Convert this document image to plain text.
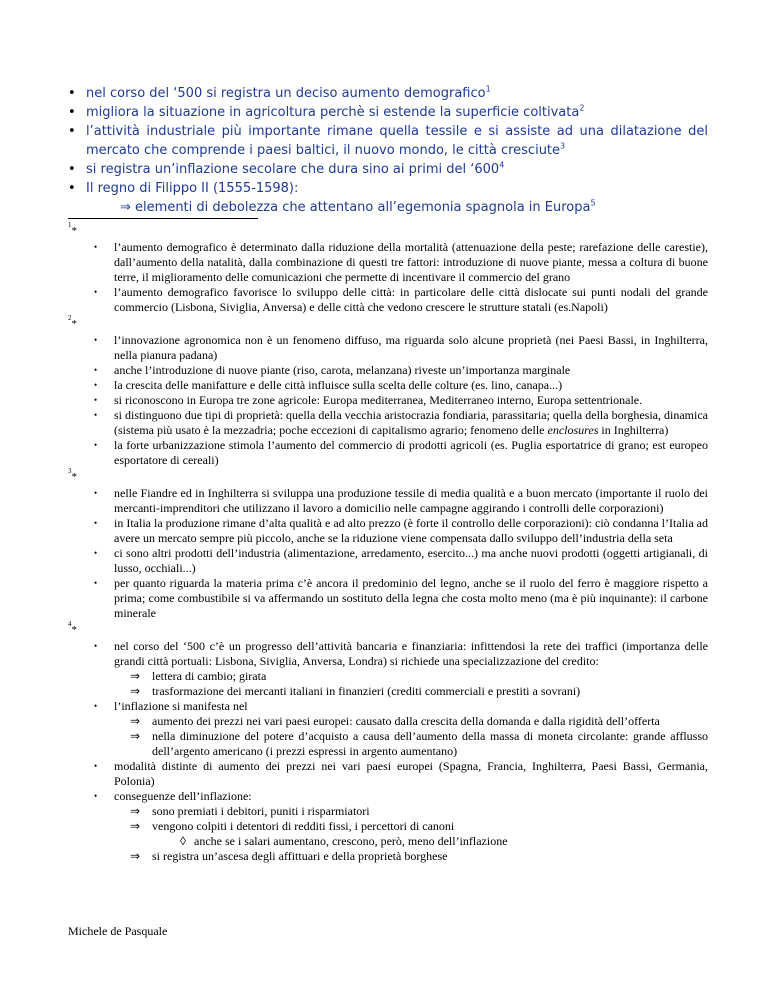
• nel corso del ‘500 si registra un deciso aumento demografico$^1$
• migliora la situazione in agricoltura perchè si estende la superficie coltivata$^2$
• l’attività industriale più importante rimane quella tessile e si assiste ad una dilatazione del mercato che comprende i paesi baltici, il nuovo mondo, le città cresciute$^3$
• si registra un’inflazione secolare che dura sino ai primi del ‘$600^4$
• Il regno di Filippo II (1555-1598):
⇒ elementi di debolezza che attentano all’egemonia spagnola in Europa$^5$
$^1$*
• l’aumento demografico è determinato dalla riduzione della mortalità (attenuazione della peste; rarefazione delle carestie), dall’aumento della natalità, dalla combinazione di questi tre fattori: introduzione di nuove piante, messa a coltura di buone terre, il miglioramento delle comunicazioni che permette di incentivare il commercio del grano
• l’aumento demografico favorisce lo sviluppo delle città: in particolare delle città dislocate sui punti nodali del grande commercio (Lisbona, Siviglia, Anversa) e delle città che vedono crescere le strutture statali (es.Napoli)
$^2$*
• l’innovazione agronomica non è un fenomeno diffuso, ma riguarda solo alcune proprietà (nei Paesi Bassi, in Inghilterra, nella pianura padana)
• anche l’introduzione di nuove piante (riso, carota, melanzana) riveste un’importanza marginale
• la crescita delle manifatture e delle città influisce sulla scelta delle colture (es. lino, canapa...)
• si riconoscono in Europa tre zone agricole: Europa mediterranea, Mediterraneo interno, Europa settentrionale.
• si distinguono due tipi di proprietà: quella della vecchia aristocrazia fondiaria, parassitaria; quella della borghesia, dinamica (sistema più usato è la mezzadria; poche eccezioni di capitalismo agrario; fenomeno delle enclosures in Inghilterra)
• la forte urbanizzazione stimola l’aumento del commercio di prodotti agricoli (es. Puglia esportatrice di grano; est europeo esportatore di cereali)
$^3$*
• nelle Fiandre ed in Inghilterra si sviluppa una produzione tessile di media qualità e a buon mercato (importante il ruolo dei mercanti-imprenditori che utilizzano il lavoro a domicilio nelle campagne aggirando i controlli delle corporazioni)
• in Italia la produzione rimane d’alta qualità e ad alto prezzo (è forte il controllo delle corporazioni): ciò condanna l’Italia ad avere un mercato sempre più piccolo, anche se la riduzione viene compensata dallo sviluppo dell’industria della seta
• ci sono altri prodotti dell’industria (alimentazione, arredamento, esercito...) ma anche nuovi prodotti (oggetti artigianali, di lusso, occhiali...)
• per quanto riguarda la materia prima c’è ancora il predominio del legno, anche se il ruolo del ferro è maggiore rispetto a prima; come combustibile si va affermando un sostituto della legna che costa molto meno (ma è più inquinante): il carbone minerale
$^4$*
• nel corso del ‘500 c’è un progresso dell’attività bancaria e finanziaria: infittendosi la rete dei traffici (importanza delle grandi città portuali: Lisbona, Siviglia, Anversa, Londra) si richiede una specializzazione del credito:
⇒ lettera di cambio; girata
⇒ trasformazione dei mercanti italiani in finanzieri (crediti commerciali e prestiti a sovrani)
• l’inflazione si manifesta nel
⇒ aumento dei prezzi nei vari paesi europei: causato dalla crescita della domanda e dalla rigidità dell’offerta
⇒ nella diminuzione del potere d’acquisto a causa dell’aumento della massa di moneta circolante: grande afflusso dell’argento americano (i prezzi espressi in argento aumentano)
• modalità distinte di aumento dei prezzi nei vari paesi europei (Spagna, Francia, Inghilterra, Paesi Bassi, Germania, Polonia)
• conseguenze dell’inflazione:
⇒ sono premiati i debitori, puniti i risparmiatori
⇒ vengono colpiti i detentori di redditi fissi, i percettori di canoni
◊ anche se i salari aumentano, crescono, però, meno dell’inflazione
⇒ si registra un’ascesa degli affittuari e della proprietà borghese
Michele de Pasquale
